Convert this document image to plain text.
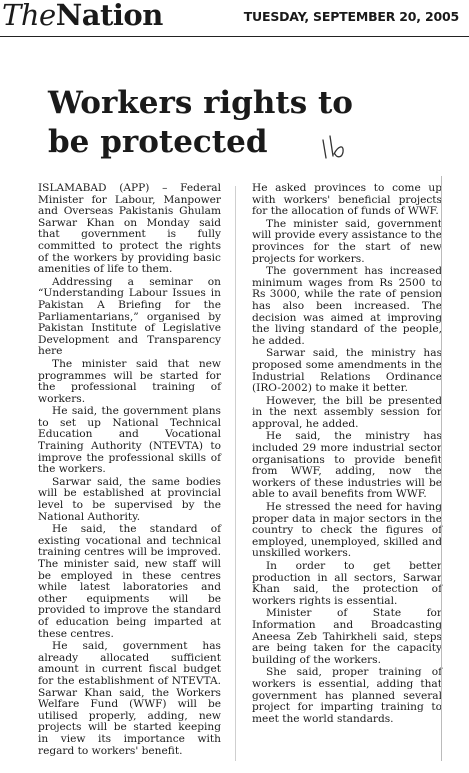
TheNation	TUESDAY, SEPTEMBER 20, 2005
Workers rights to
be protected

ISLAMABAD (APP) – Federal Minister for Labour, Manpower and Overseas Pakistanis Ghulam Sarwar Khan on Monday said that government is fully committed to protect the rights of the workers by providing basic amenities of life to them.

Addressing a seminar on “Understanding Labour Issues in Pakistan A Briefing for the Parliamentarians,” organised by Pakistan Institute of Legislative Development and Transparency here

The minister said that new programmes will be started for the professional training of workers.

He said, the government plans to set up National Technical Education and Vocational Training Authority (NTEVTA) to improve the professional skills of the workers.

Sarwar said, the same bodies will be established at provincial level to be supervised by the National Authority.

He said, the standard of existing vocational and technical training centres will be improved. The minister said, new staff will be employed in these centres while latest laboratories and other equipments will be provided to improve the standard of education being imparted at these centres.

He said, government has already allocated sufficient amount in current fiscal budget for the establishment of NTEVTA. Sarwar Khan said, the Workers Welfare Fund (WWF) will be utilised properly, adding, new projects will be started keeping in view its importance with regard to workers' benefit.

He asked provinces to come up with workers' beneficial projects for the allocation of funds of WWF.

The minister said, government will provide every assistance to the provinces for the start of new projects for workers.

The government has increased minimum wages from Rs 2500 to Rs 3000, while the rate of pension has also been increased. The decision was aimed at improving the living standard of the people, he added.

Sarwar said, the ministry has proposed some amendments in the Industrial Relations Ordinance (IRO-2002) to make it better.

However, the bill be presented in the next assembly session for approval, he added.

He said, the ministry has included 29 more industrial sector organisations to provide benefit from WWF, adding, now the workers of these industries will be able to avail benefits from WWF.

He stressed the need for having proper data in major sectors in the country to check the figures of employed, unemployed, skilled and unskilled workers.

In order to get better production in all sectors, Sarwar Khan said, the protection of workers rights is essential.

Minister of State for Information and Broadcasting Aneesa Zeb Tahirkheli said, steps are being taken for the capacity building of the workers.

She said, proper training of workers is essential, adding that government has planned several project for imparting training to meet the world standards.
